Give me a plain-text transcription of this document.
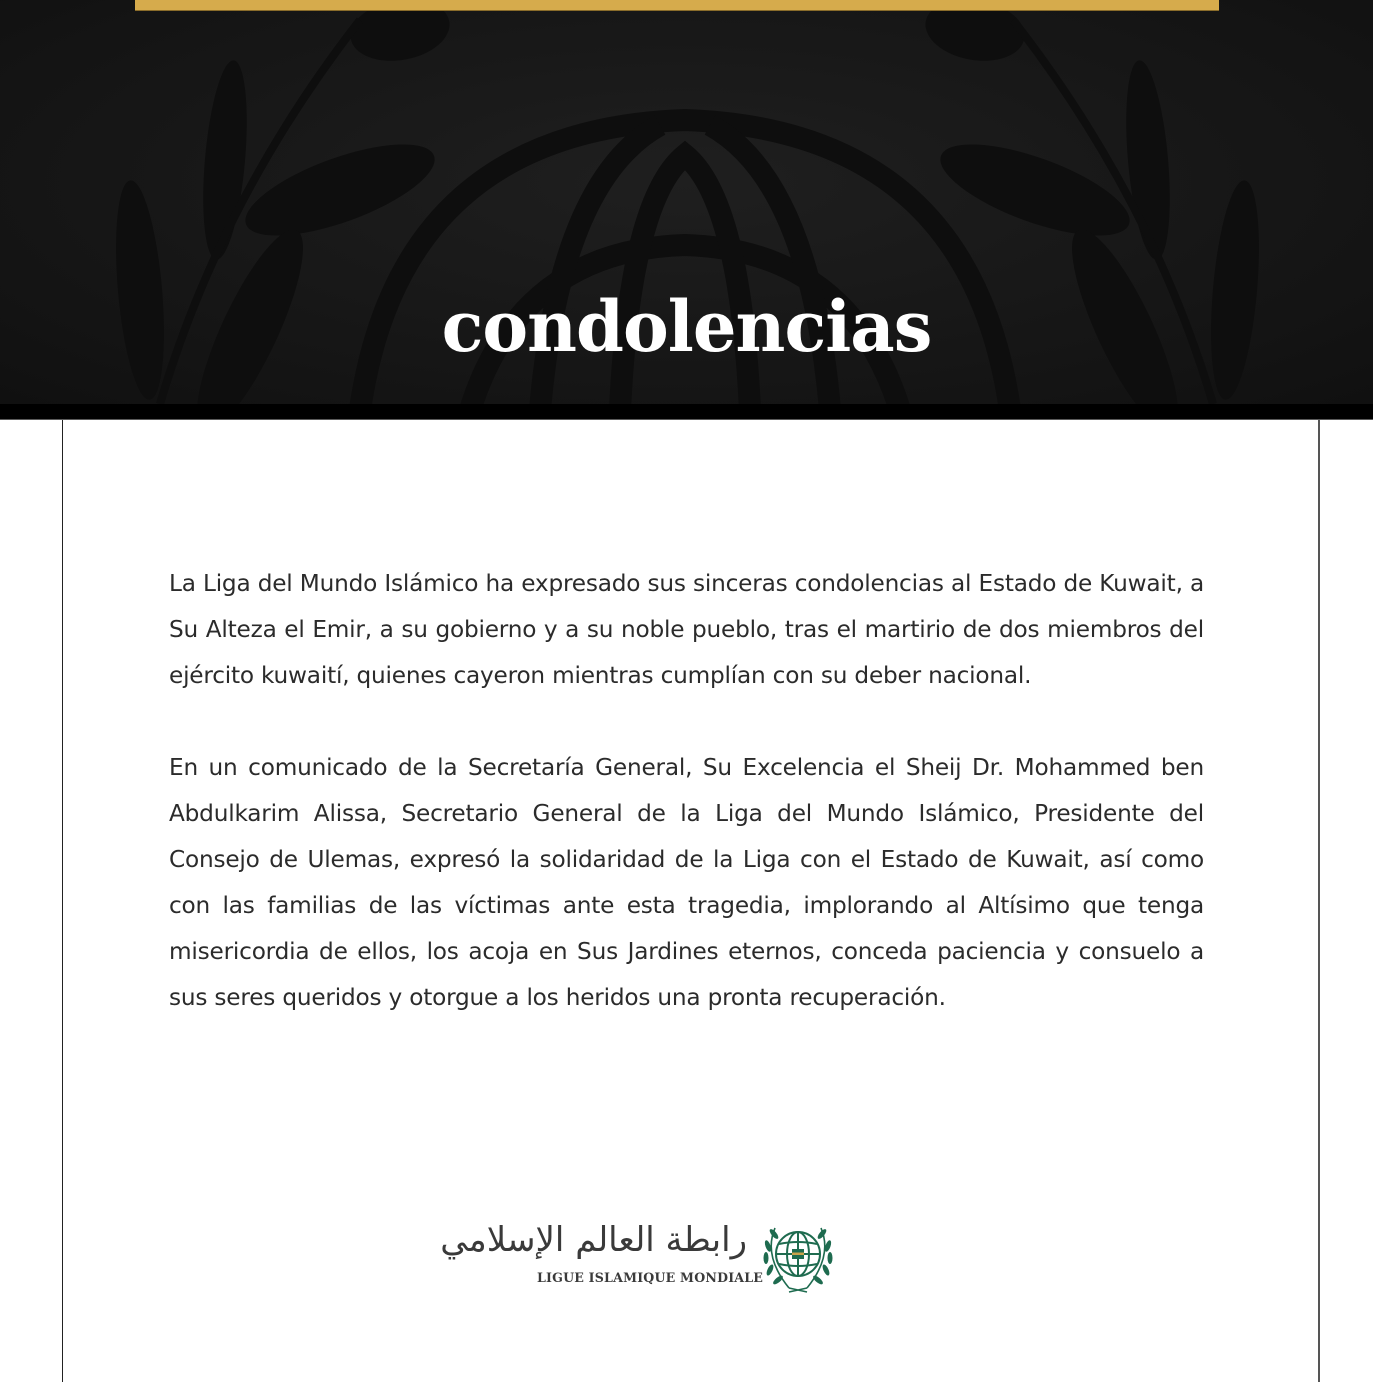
condolencias

La Liga del Mundo Islámico ha expresado sus sinceras condolencias al Estado de Kuwait, a Su Alteza el Emir, a su gobierno y a su noble pueblo, tras el martirio de dos miembros del ejército kuwaití, quienes cayeron mientras cumplían con su deber nacional.

En un comunicado de la Secretaría General, Su Excelencia el Sheij Dr. Mohammed ben Abdulkarim Alissa, Secretario General de la Liga del Mundo Islámico, Presidente del Consejo de Ulemas, expresó la solidaridad de la Liga con el Estado de Kuwait, así como con las familias de las víctimas ante esta tragedia, implorando al Altísimo que tenga misericordia de ellos, los acoja en Sus Jardines eternos, conceda paciencia y consuelo a sus seres queridos y otorgue a los heridos una pronta recuperación.

رابطة العالم الإسلامي
LIGUE ISLAMIQUE MONDIALE
